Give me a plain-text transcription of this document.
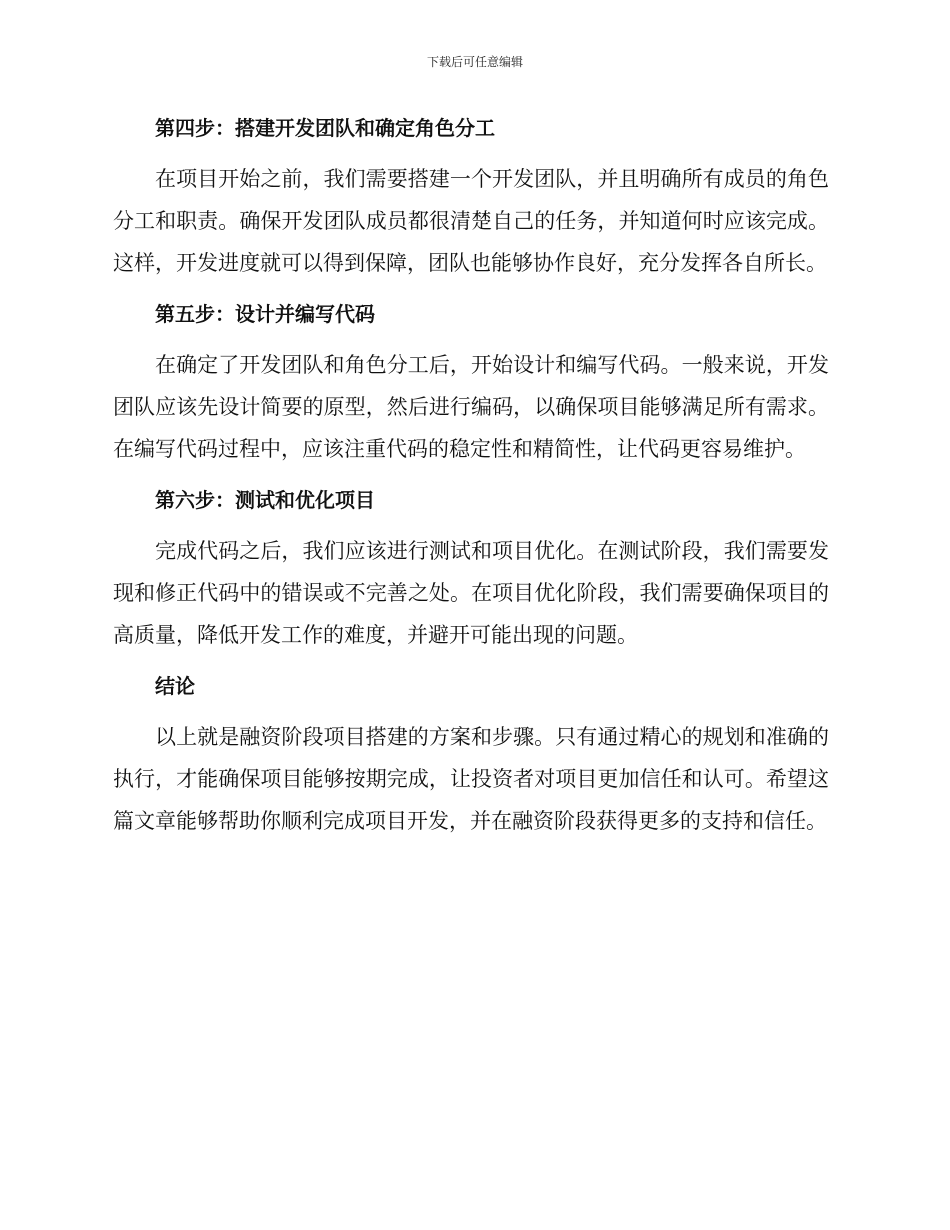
下载后可任意编辑
第四步：搭建开发团队和确定角色分工

在项目开始之前，我们需要搭建一个开发团队，并且明确所有成员的角色分工和职责。确保开发团队成员都很清楚自己的任务，并知道何时应该完成。这样，开发进度就可以得到保障，团队也能够协作良好，充分发挥各自所长。

第五步：设计并编写代码

在确定了开发团队和角色分工后，开始设计和编写代码。一般来说，开发团队应该先设计简要的原型，然后进行编码，以确保项目能够满足所有需求。在编写代码过程中，应该注重代码的稳定性和精简性，让代码更容易维护。

第六步：测试和优化项目

完成代码之后，我们应该进行测试和项目优化。在测试阶段，我们需要发现和修正代码中的错误或不完善之处。在项目优化阶段，我们需要确保项目的高质量，降低开发工作的难度，并避开可能出现的问题。

结论

以上就是融资阶段项目搭建的方案和步骤。只有通过精心的规划和准确的执行，才能确保项目能够按期完成，让投资者对项目更加信任和认可。希望这篇文章能够帮助你顺利完成项目开发，并在融资阶段获得更多的支持和信任。
